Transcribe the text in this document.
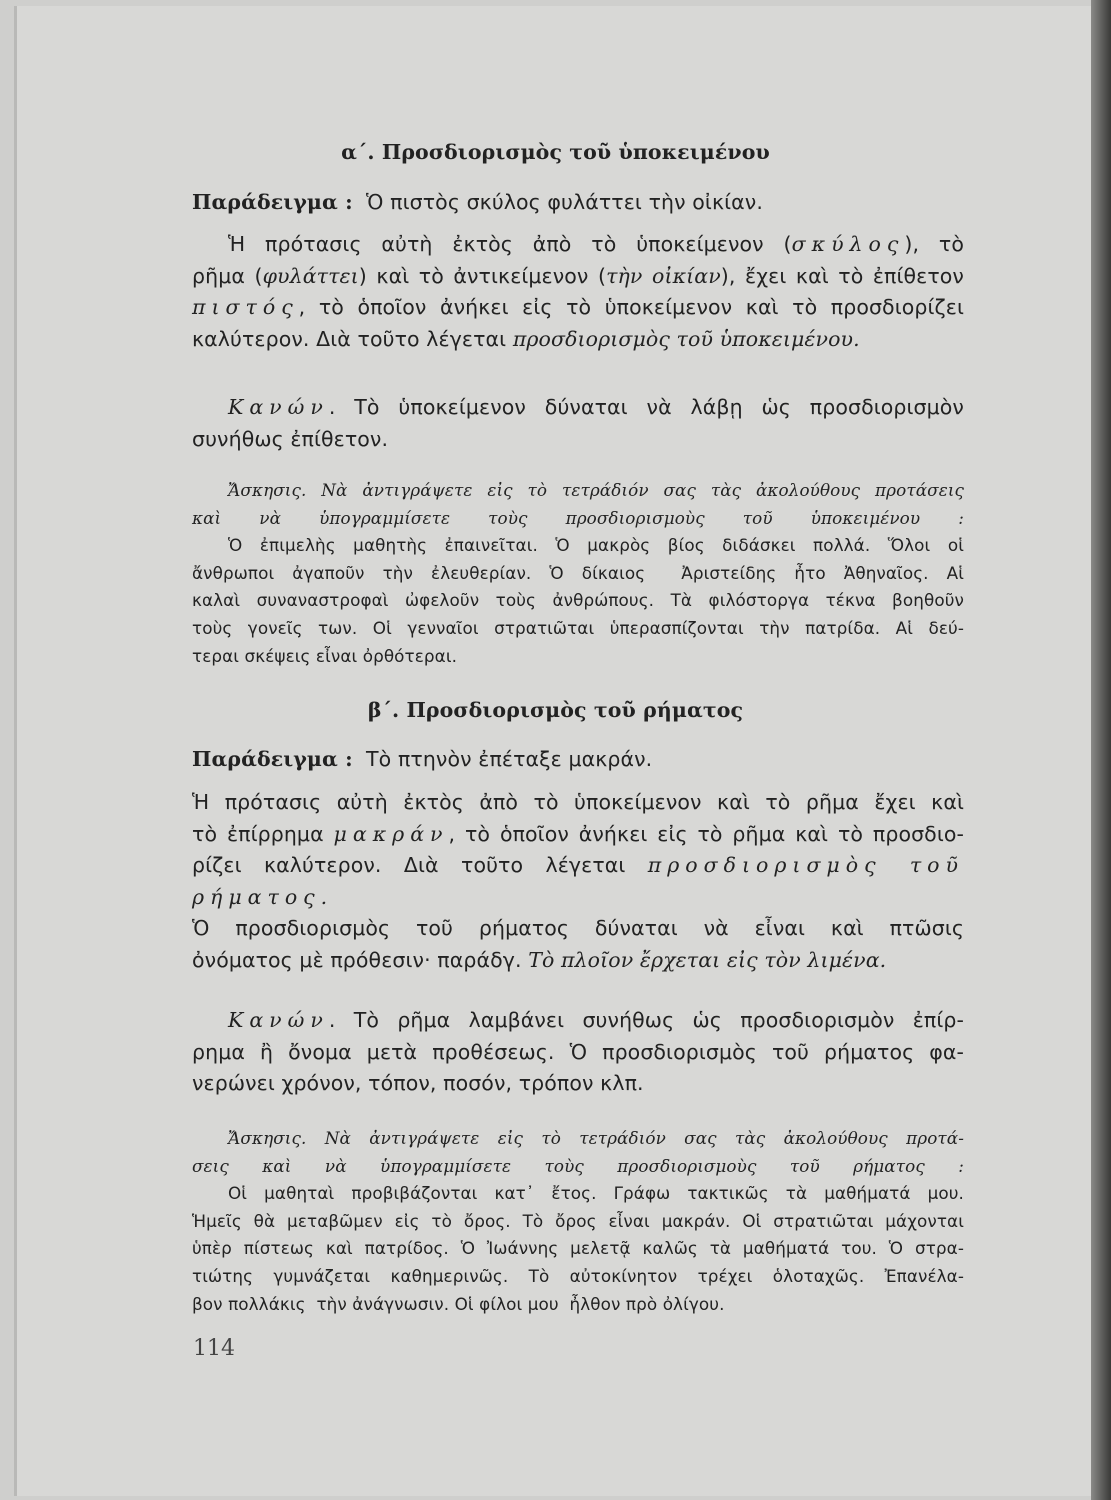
114
α΄. Προσδιορισμὸς τοῦ ὑποκειμένου
Παράδειγμα :  Ὁ πιστὸς σκύλος φυλάττει τὴν οἰκίαν.
Ἡ πρότασις αὐτὴ ἐκτὸς ἀπὸ τὸ ὑποκείμενον (σκύλος), τὸ
ρῆμα (φυλάττει) καὶ τὸ ἀντικείμενον (τὴν οἰκίαν), ἔχει καὶ τὸ ἐπίθετον
πιστός, τὸ ὁποῖον ἀνήκει εἰς τὸ ὑποκείμενον καὶ τὸ προσδιορίζει
καλύτερον. Διὰ τοῦτο λέγεται προσδιορισμὸς τοῦ ὑποκειμένου.
Κανών. Τὸ ὑποκείμενον δύναται νὰ λάβῃ ὡς προσδιορισμὸν
συνήθως ἐπίθετον.
Ἄσκησις. Νὰ ἀντιγράψετε εἰς τὸ τετράδιόν σας τὰς ἀκολούθους προτάσεις
καὶ νὰ ὑπογραμμίσετε τοὺς προσδιορισμοὺς τοῦ ὑποκειμένου :
Ὁ ἐπιμελὴς μαθητὴς ἐπαινεῖται. Ὁ μακρὸς βίος διδάσκει πολλά. Ὅλοι οἱ
ἄνθρωποι ἀγαποῦν τὴν ἐλευθερίαν. Ὁ δίκαιος  Ἀριστείδης ἦτο Ἀθηναῖος. Αἱ
καλαὶ συναναστροφαὶ ὠφελοῦν τοὺς ἀνθρώπους. Τὰ φιλόστοργα τέκνα βοηθοῦν
τοὺς γονεῖς των. Οἱ γενναῖοι στρατιῶται ὑπερασπίζονται τὴν πατρίδα. Αἱ δεύ-
τεραι σκέψεις εἶναι ὀρθότεραι.
β΄. Προσδιορισμὸς τοῦ ρήματος
Παράδειγμα :  Τὸ πτηνὸν ἐπέταξε μακράν.
Ἡ πρότασις αὐτὴ ἐκτὸς ἀπὸ τὸ ὑποκείμενον καὶ τὸ ρῆμα ἔχει καὶ
τὸ ἐπίρρημα μακράν, τὸ ὁποῖον ἀνήκει εἰς τὸ ρῆμα καὶ τὸ προσδιο-
ρίζει καλύτερον. Διὰ τοῦτο λέγεται προσδιορισμὸς τοῦ
ρήματος.
Ὁ προσδιορισμὸς τοῦ ρήματος δύναται νὰ εἶναι καὶ πτῶσις
ὀνόματος μὲ πρόθεσιν· παράδγ. Τὸ πλοῖον ἔρχεται εἰς τὸν λιμένα.
Κανών. Τὸ ρῆμα λαμβάνει συνήθως ὡς προσδιορισμὸν ἐπίρ-
ρημα ἢ ὄνομα μετὰ προθέσεως. Ὁ προσδιορισμὸς τοῦ ρήματος φα-
νερώνει χρόνον, τόπον, ποσόν, τρόπον κλπ.
Ἄσκησις. Νὰ ἀντιγράψετε εἰς τὸ τετράδιόν σας τὰς ἀκολούθους προτά-
σεις καὶ νὰ ὑπογραμμίσετε τοὺς προσδιορισμοὺς τοῦ ρήματος :
Οἱ μαθηταὶ προβιβάζονται κατ᾽ ἔτος. Γράφω τακτικῶς τὰ μαθήματά μου.
Ἡμεῖς θὰ μεταβῶμεν εἰς τὸ ὄρος. Τὸ ὄρος εἶναι μακράν. Οἱ στρατιῶται μάχονται
ὑπὲρ πίστεως καὶ πατρίδος. Ὁ Ἰωάννης μελετᾷ καλῶς τὰ μαθήματά του. Ὁ στρα-
τιώτης γυμνάζεται καθημερινῶς. Τὸ αὐτοκίνητον τρέχει ὁλοταχῶς. Ἐπανέλα-
βον πολλάκις  τὴν ἀνάγνωσιν. Οἱ φίλοι μου  ἦλθον πρὸ ὀλίγου.
